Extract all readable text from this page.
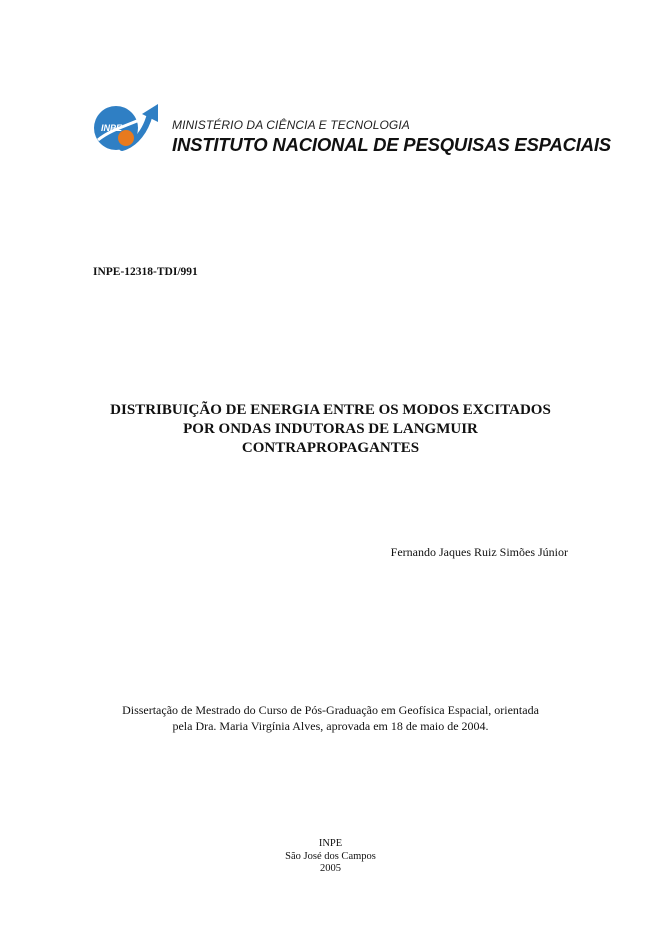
INPE	MINISTÉRIO DA CIÊNCIA E TECNOLOGIA
INSTITUTO NACIONAL DE PESQUISAS ESPACIAIS
INPE-12318-TDI/991
DISTRIBUIÇÃO DE ENERGIA ENTRE OS MODOS EXCITADOS
POR ONDAS INDUTORAS DE LANGMUIR
CONTRAPROPAGANTES
Fernando Jaques Ruiz Simões Júnior
Dissertação de Mestrado do Curso de Pós-Graduação em Geofísica Espacial, orientada
pela Dra. Maria Virgínia Alves, aprovada em 18 de maio de 2004.
INPE
São José dos Campos
2005
